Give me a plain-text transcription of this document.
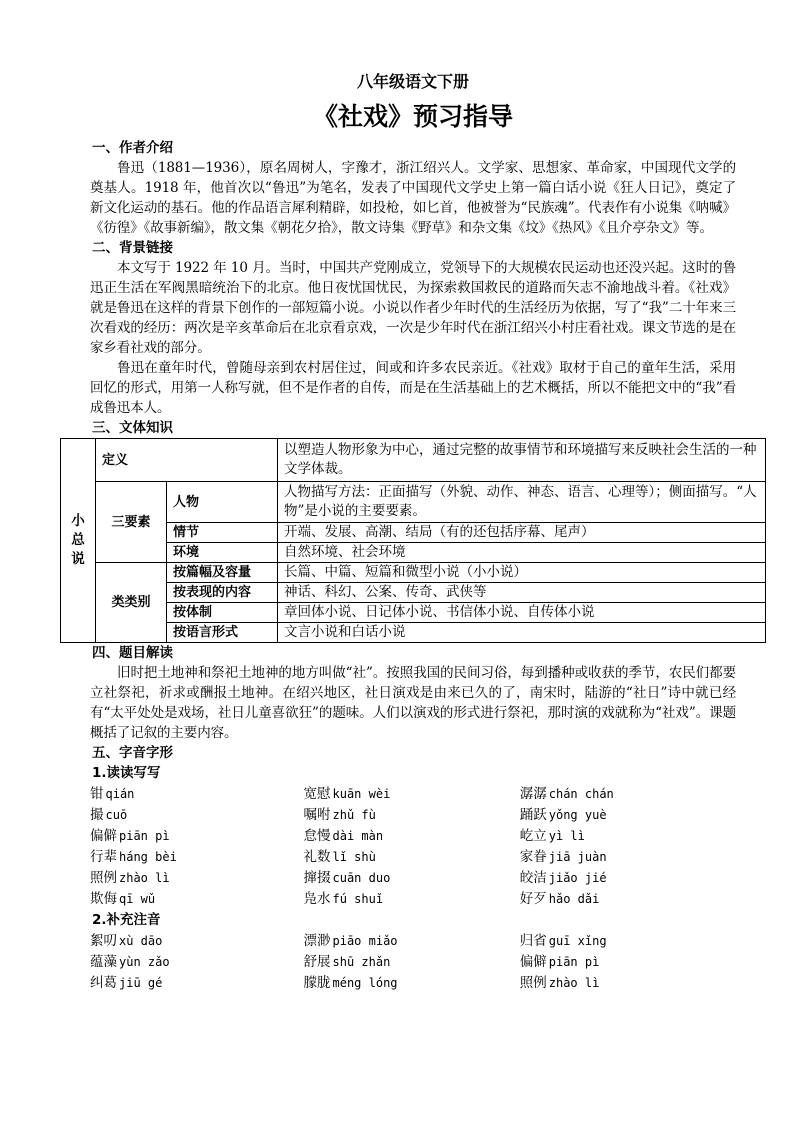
八年级语文下册

《社戏》预习指导

一、作者介绍

鲁迅（1881—1936），原名周树人，字豫才，浙江绍兴人。文学家、思想家、革命家，中国现代文学的奠基人。1918 年，他首次以“鲁迅”为笔名，发表了中国现代文学史上第一篇白话小说《狂人日记》，奠定了新文化运动的基石。他的作品语言犀利精辟，如投枪，如匕首，他被誉为“民族魂”。代表作有小说集《呐喊》《彷徨》《故事新编》，散文集《朝花夕拾》，散文诗集《野草》和杂文集《坟》《热风》《且介亭杂文》等。

二、背景链接

本文写于 1922 年 10 月。当时，中国共产党刚成立，党领导下的大规模农民运动也还没兴起。这时的鲁迅正生活在军阀黑暗统治下的北京。他日夜忧国忧民，为探索救国救民的道路而矢志不渝地战斗着。《社戏》就是鲁迅在这样的背景下创作的一部短篇小说。小说以作者少年时代的生活经历为依据，写了“我”二十年来三次看戏的经历：两次是辛亥革命后在北京看京戏，一次是少年时代在浙江绍兴小村庄看社戏。课文节选的是在家乡看社戏的部分。

鲁迅在童年时代，曾随母亲到农村居住过，间或和许多农民亲近。《社戏》取材于自己的童年生活，采用回忆的形式，用第一人称写就，但不是作者的自传，而是在生活基础上的艺术概括，所以不能把文中的“我”看成鲁迅本人。

三、文体知识

小
总
说	定义		以塑造人物形象为中心，通过完整的故事情节和环境描写来反映社会生活的一种文学体裁。
	三要素	人物	人物描写方法：正面描写（外貌、动作、神态、语言、心理等）；侧面描写。“人物”是小说的主要要素。
		情节	开端、发展、高潮、结局（有的还包括序幕、尾声）
		环境	自然环境、社会环境
	类类别	按篇幅及容量	长篇、中篇、短篇和微型小说（小小说）
		按表现的内容	神话、科幻、公案、传奇、武侠等
		按体制	章回体小说、日记体小说、书信体小说、自传体小说
		按语言形式	文言小说和白话小说

四、题目解读

旧时把土地神和祭祀土地神的地方叫做“社”。按照我国的民间习俗，每到播种或收获的季节，农民们都要立社祭祀，祈求或酬报土地神。在绍兴地区，社日演戏是由来已久的了，南宋时，陆游的“社日”诗中就已经有“太平处处是戏场，社日儿童喜欲狂”的题味。人们以演戏的形式进行祭祀，那时演的戏就称为“社戏”。课题概括了记叙的主要内容。

五、字音字形

1.读读写写

钳 qián	宽慰 kuān wèi	潺潺 chán chán
撮 cuō	嘱咐 zhǔ fù	踊跃 yǒng yuè
偏僻 piān pì	怠慢 dài màn	屹立 yì lì
行辈 háng bèi	礼数 lǐ shù	家眷 jiā juàn
照例 zhào lì	撺掇 cuān duo	皎洁 jiǎo jié
欺侮 qī wǔ	凫水 fú shuǐ	好歹 hǎo dǎi

2.补充注音

絮叨 xù dāo	漂渺 piāo miǎo	归省 guī xǐng
蕴藻 yùn zǎo	舒展 shū zhǎn	偏僻 piān pì
纠葛 jiū gé	朦胧 méng lóng	照例 zhào lì
